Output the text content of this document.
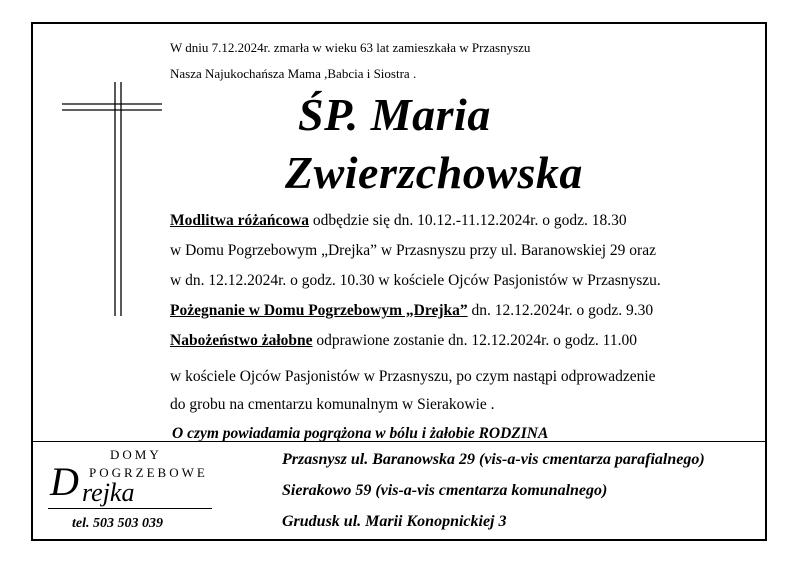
W dniu 7.12.2024r. zmarła w wieku 63 lat zamieszkała w Przasnyszu
Nasza Najukochańsza Mama ,Babcia i Siostra .
ŚP. Maria
Zwierzchowska
Modlitwa różańcowa odbędzie się dn. 10.12.-11.12.2024r. o godz. 18.30
w Domu Pogrzebowym „Drejka” w Przasnyszu przy ul. Baranowskiej 29 oraz
w dn. 12.12.2024r. o godz. 10.30 w kościele Ojców Pasjonistów w Przasnyszu.
Pożegnanie w Domu Pogrzebowym „Drejka” dn. 12.12.2024r. o godz. 9.30
Nabożeństwo żałobne odprawione zostanie dn. 12.12.2024r. o godz. 11.00
w kościele Ojców Pasjonistów w Przasnyszu, po czym nastąpi odprowadzenie
do grobu na cmentarzu komunalnym w Sierakowie .
O czym powiadamia pogrążona w bólu i żałobie RODZINA
DOMY
POGRZEBOWE
D rejka
tel. 503 503 039
Przasnysz ul. Baranowska 29 (vis-a-vis cmentarza parafialnego)
Sierakowo 59 (vis-a-vis cmentarza komunalnego)
Grudusk ul. Marii Konopnickiej 3
